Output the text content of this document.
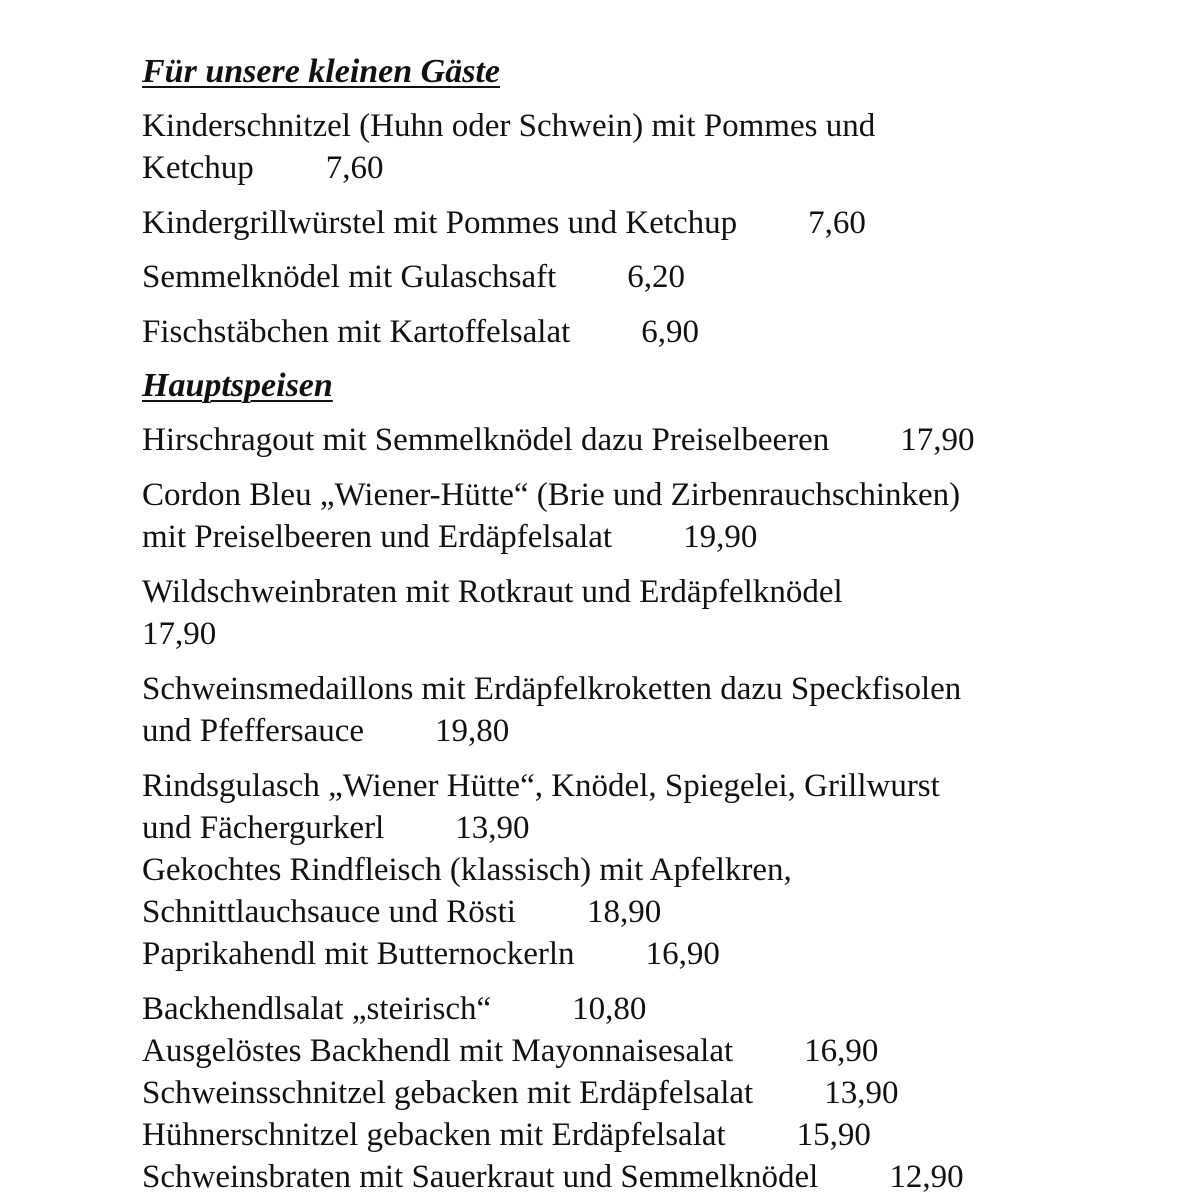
Für unsere kleinen Gäste
Kinderschnitzel (Huhn oder Schwein) mit Pommes und
Ketchup 7,60
Kindergrillwürstel mit Pommes und Ketchup 7,60
Semmelknödel mit Gulaschsaft 6,20
Fischstäbchen mit Kartoffelsalat 6,90
Hauptspeisen
Hirschragout mit Semmelknödel dazu Preiselbeeren 17,90
Cordon Bleu „Wiener-Hütte“ (Brie und Zirbenrauchschinken)
mit Preiselbeeren und Erdäpfelsalat 19,90
Wildschweinbraten mit Rotkraut und Erdäpfelknödel
17,90
Schweinsmedaillons mit Erdäpfelkroketten dazu Speckfisolen
und Pfeffersauce 19,80
Rindsgulasch „Wiener Hütte“, Knödel, Spiegelei, Grillwurst
und Fächergurkerl 13,90
Gekochtes Rindfleisch (klassisch) mit Apfelkren,
Schnittlauchsauce und Rösti 18,90
Paprikahendl mit Butternockerln 16,90
Backhendlsalat „steirisch“ 10,80
Ausgelöstes Backhendl mit Mayonnaisesalat 16,90
Schweinsschnitzel gebacken mit Erdäpfelsalat 13,90
Hühnerschnitzel gebacken mit Erdäpfelsalat 15,90
Schweinsbraten mit Sauerkraut und Semmelknödel 12,90
